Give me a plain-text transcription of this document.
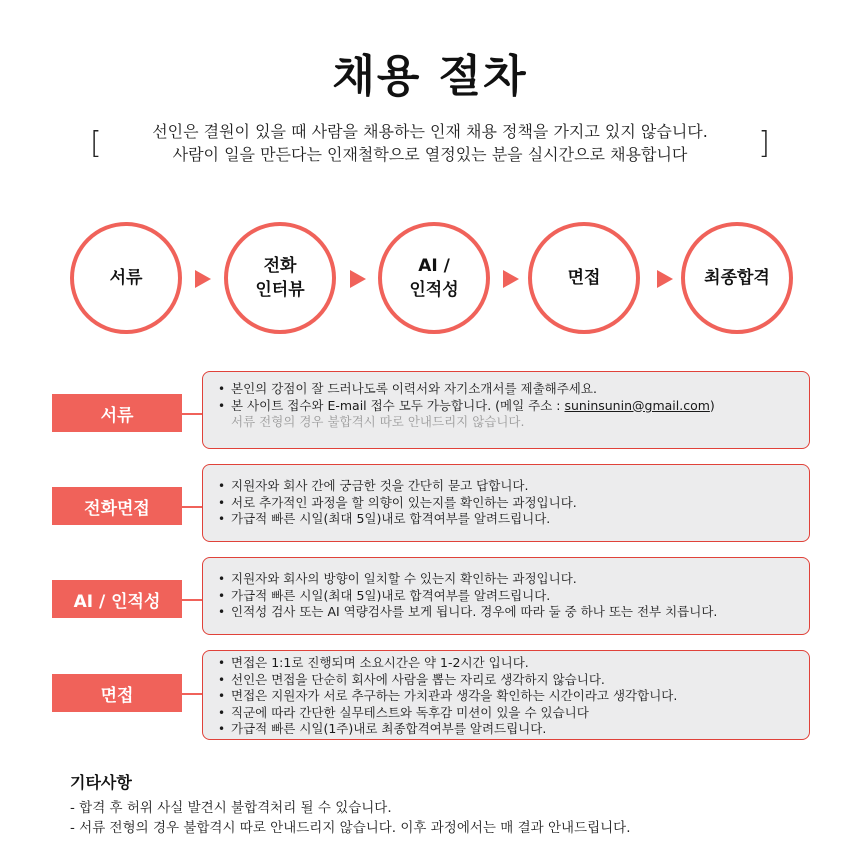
채용 절차
[	선인은 결원이 있을 때 사람을 채용하는 인재 채용 정책을 가지고 있지 않습니다.
사람이 일을 만든다는 인재철학으로 열정있는 분을 실시간으로 채용합니다	]
서류
전화
인터뷰
AI /
인적성
면접	최종합격
서류
• 본인의 강점이 잘 드러나도록 이력서와 자기소개서를 제출해주세요.
• 본 사이트 접수와 E-mail 접수 모두 가능합니다. (메일 주소 : suninsunin@gmail.com)
서류 전형의 경우 불합격시 따로 안내드리지 않습니다.
전화면접
• 지원자와 회사 간에 궁금한 것을 간단히 묻고 답합니다.
• 서로 추가적인 과정을 할 의향이 있는지를 확인하는 과정입니다.
• 가급적 빠른 시일(최대 5일)내로 합격여부를 알려드립니다.
AI / 인적성
• 지원자와 회사의 방향이 일치할 수 있는지 확인하는 과정입니다.
• 가급적 빠른 시일(최대 5일)내로 합격여부를 알려드립니다.
• 인적성 검사 또는 AI 역량검사를 보게 됩니다. 경우에 따라 둘 중 하나 또는 전부 치릅니다.
면접
• 면접은 1:1로 진행되며 소요시간은 약 1-2시간 입니다.
• 선인은 면접을 단순히 회사에 사람을 뽑는 자리로 생각하지 않습니다.
• 면접은 지원자가 서로 추구하는 가치관과 생각을 확인하는 시간이라고 생각합니다.
• 직군에 따라 간단한 실무테스트와 독후감 미션이 있을 수 있습니다
• 가급적 빠른 시일(1주)내로 최종합격여부를 알려드립니다.
기타사항
- 합격 후 허위 사실 발견시 불합격처리 될 수 있습니다.
- 서류 전형의 경우 불합격시 따로 안내드리지 않습니다. 이후 과정에서는 매 결과 안내드립니다.
